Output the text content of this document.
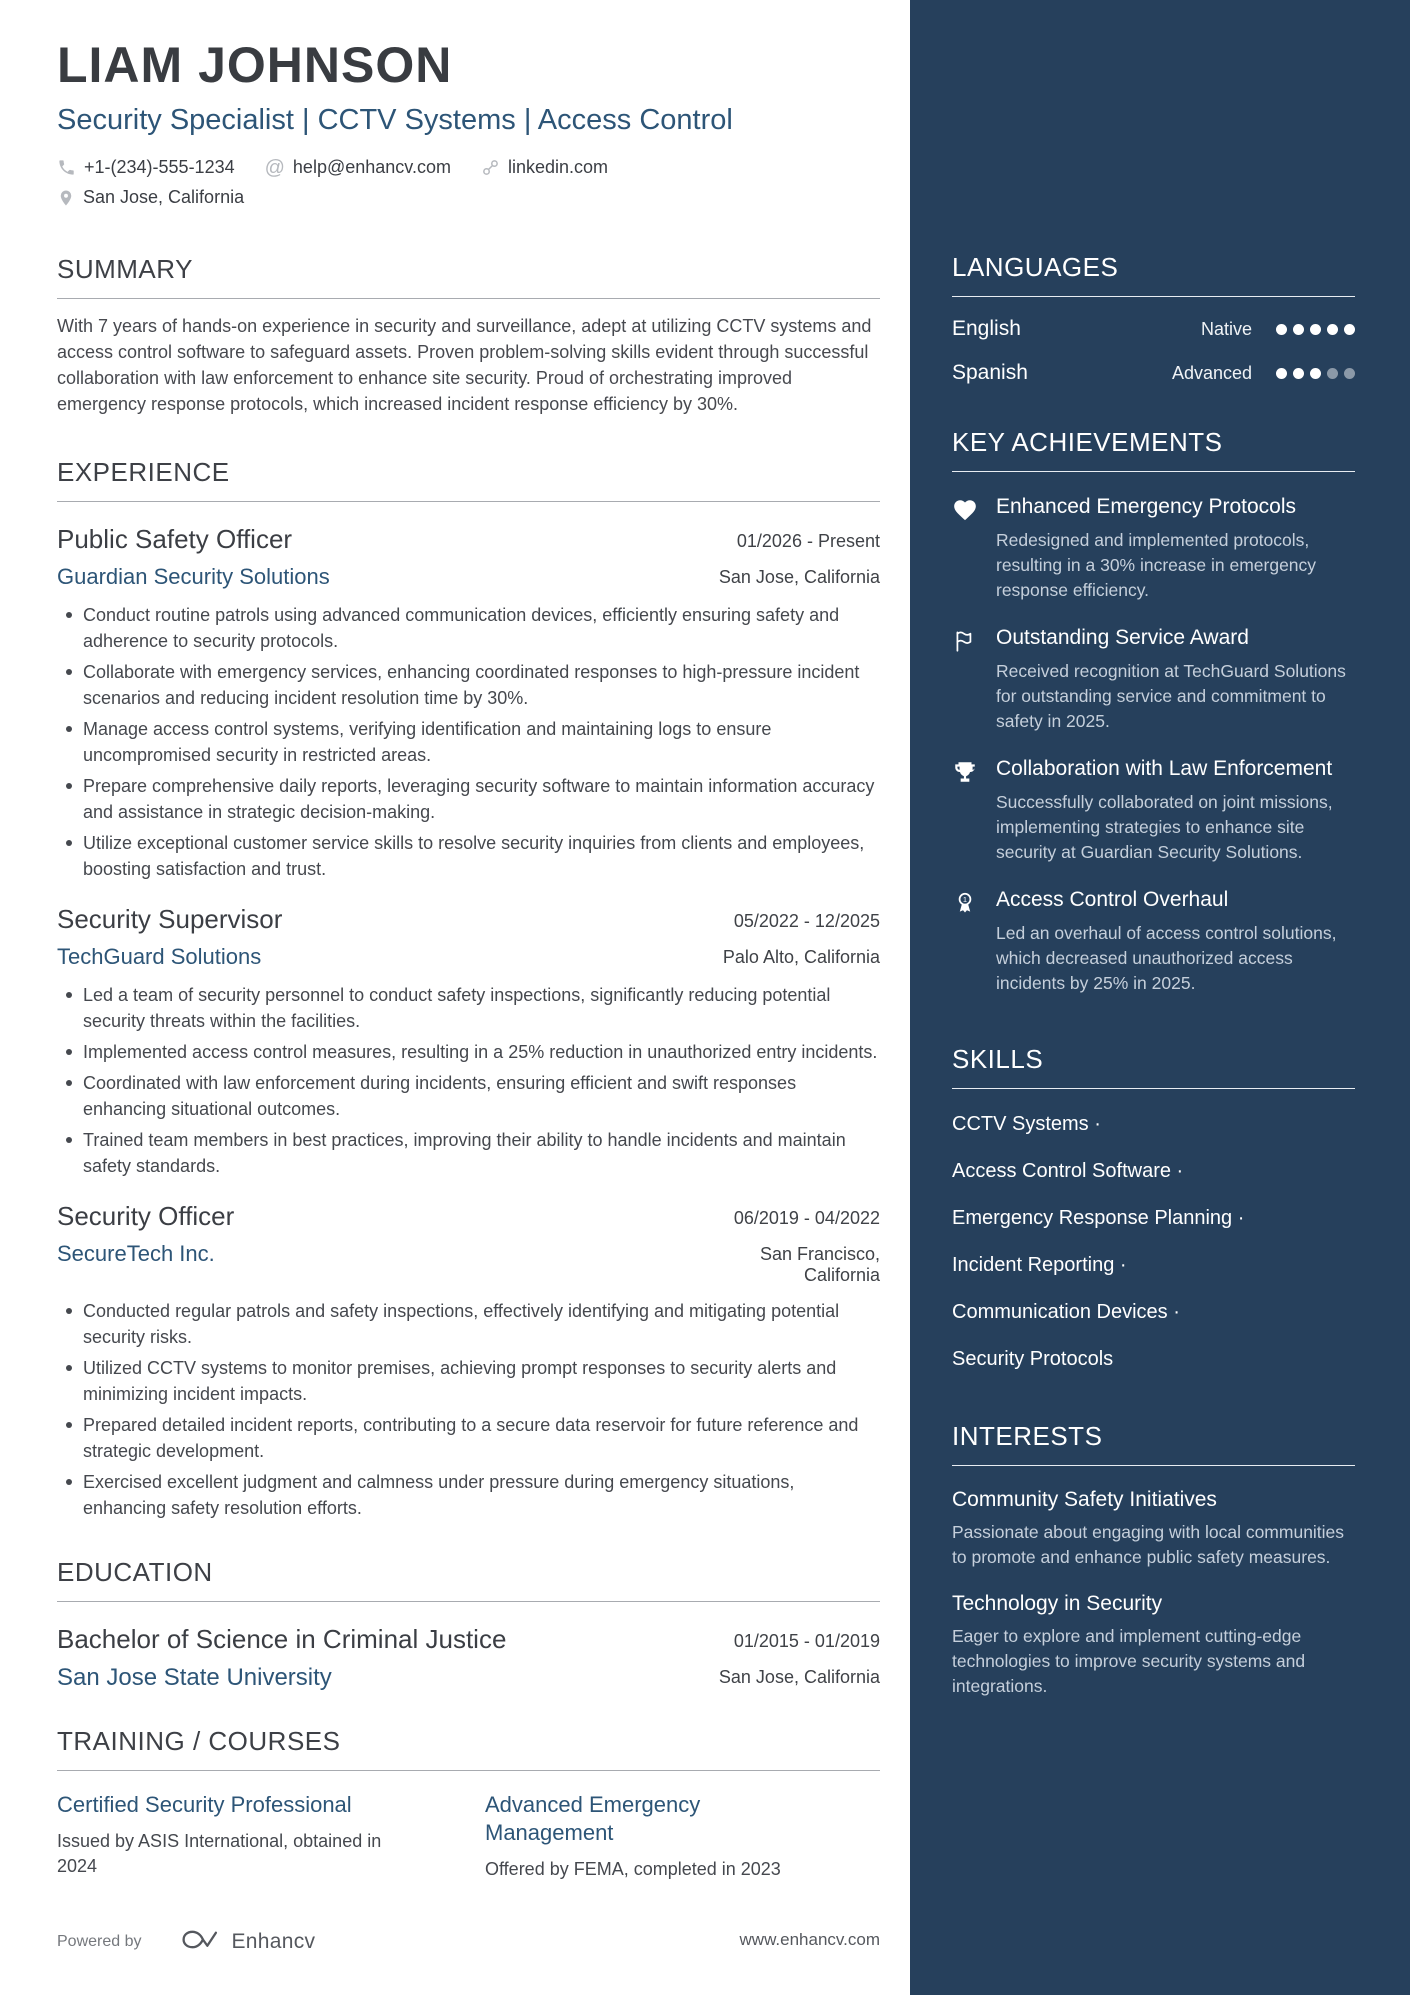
LIAM JOHNSON
Security Specialist | CCTV Systems | Access Control
+1-(234)-555-1234 @ help@enhancv.com	linkedin.com
San Jose, California
SUMMARY
With 7 years of hands-on experience in security and surveillance, adept at utilizing CCTV systems and access control software to safeguard assets. Proven problem-solving skills evident through successful collaboration with law enforcement to enhance site security. Proud of orchestrating improved emergency response protocols, which increased incident response efficiency by 30%.
EXPERIENCE
Public Safety Officer	01/2026 - Present
Guardian Security Solutions	San Jose, California
Conduct routine patrols using advanced communication devices, efficiently ensuring safety and adherence to security protocols.
Collaborate with emergency services, enhancing coordinated responses to high-pressure incident scenarios and reducing incident resolution time by 30%.
Manage access control systems, verifying identification and maintaining logs to ensure uncompromised security in restricted areas.
Prepare comprehensive daily reports, leveraging security software to maintain information accuracy and assistance in strategic decision-making.
Utilize exceptional customer service skills to resolve security inquiries from clients and employees, boosting satisfaction and trust.
Security Supervisor	05/2022 - 12/2025
TechGuard Solutions	Palo Alto, California
Led a team of security personnel to conduct safety inspections, significantly reducing potential security threats within the facilities.
Implemented access control measures, resulting in a 25% reduction in unauthorized entry incidents.
Coordinated with law enforcement during incidents, ensuring efficient and swift responses enhancing situational outcomes.
Trained team members in best practices, improving their ability to handle incidents and maintain safety standards.
Security Officer	06/2019 - 04/2022
SecureTech Inc.	San Francisco, California
Conducted regular patrols and safety inspections, effectively identifying and mitigating potential security risks.
Utilized CCTV systems to monitor premises, achieving prompt responses to security alerts and minimizing incident impacts.
Prepared detailed incident reports, contributing to a secure data reservoir for future reference and strategic development.
Exercised excellent judgment and calmness under pressure during emergency situations, enhancing safety resolution efforts.
EDUCATION
Bachelor of Science in Criminal Justice	01/2015 - 01/2019
San Jose State University	San Jose, California
TRAINING / COURSES
Certified Security Professional
Issued by ASIS International, obtained in 2024
Advanced Emergency Management
Offered by FEMA, completed in 2023
LANGUAGES
English	Native
Spanish	Advanced
KEY ACHIEVEMENTS
Enhanced Emergency Protocols
Redesigned and implemented protocols, resulting in a 30% increase in emergency response efficiency.
Outstanding Service Award
Received recognition at TechGuard Solutions for outstanding service and commitment to safety in 2025.
Collaboration with Law Enforcement
Successfully collaborated on joint missions, implementing strategies to enhance site security at Guardian Security Solutions.
1 Access Control Overhaul
Led an overhaul of access control solutions, which decreased unauthorized access incidents by 25% in 2025.
SKILLS
CCTV Systems ·
Access Control Software ·
Emergency Response Planning ·
Incident Reporting ·
Communication Devices ·
Security Protocols
INTERESTS
Community Safety Initiatives
Passionate about engaging with local communities to promote and enhance public safety measures.
Technology in Security
Eager to explore and implement cutting-edge technologies to improve security systems and integrations.
Powered by	Enhancv	www.enhancv.com
